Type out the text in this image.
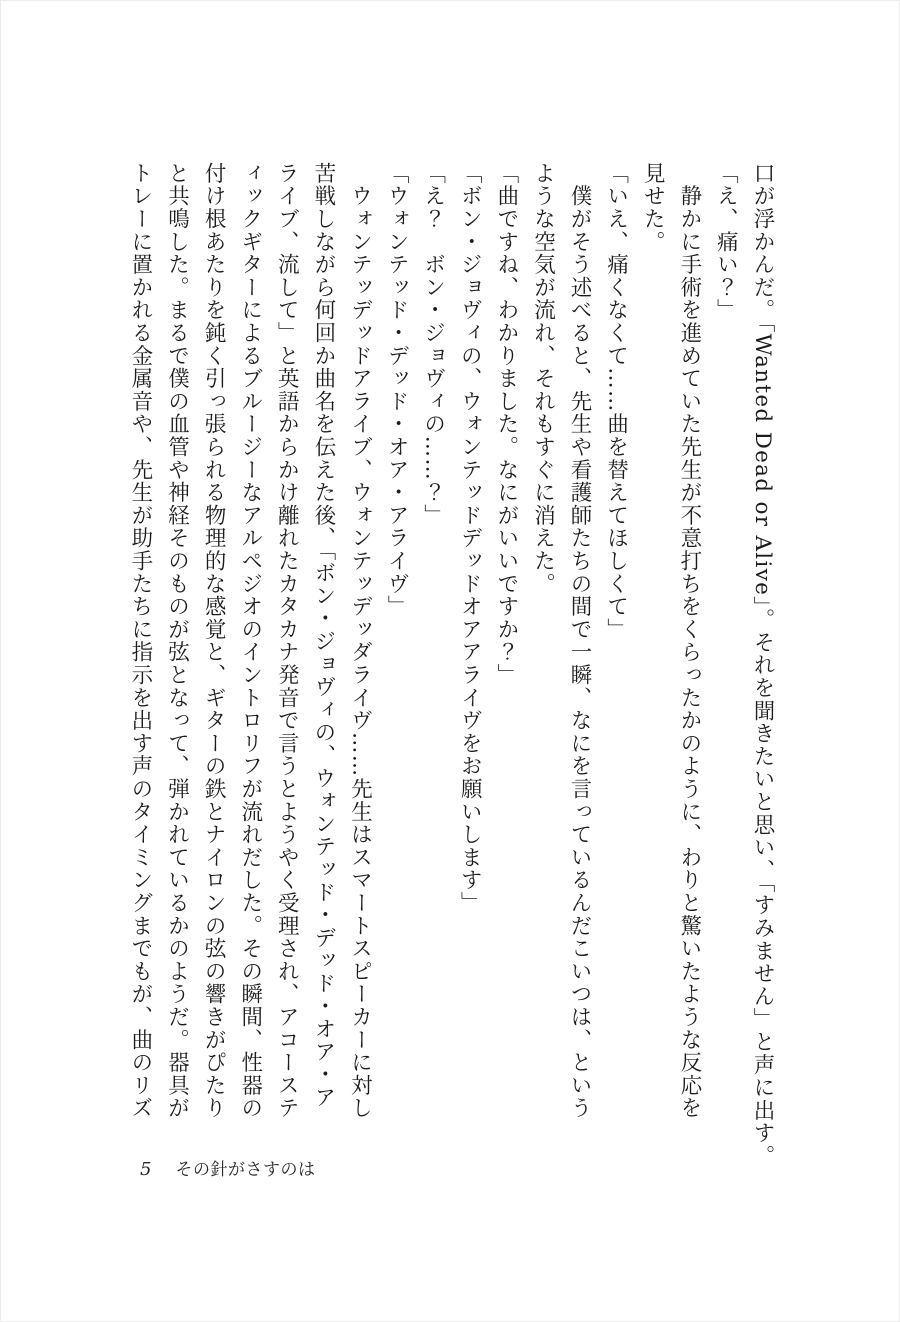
口が浮かんだ。「Wanted Dead or Alive」。それを聞きたいと思い、「すみません」と声に出す。

「え、痛い？」

　静かに手術を進めていた先生が不意打ちをくらったかのように、わりと驚いたような反応を

見せた。

「いえ、痛くなくて……曲を替えてほしくて」

　僕がそう述べると、先生や看護師たちの間で一瞬、なにを言っているんだこいつは、という

ような空気が流れ、それもすぐに消えた。

「曲ですね、わかりました。なにがいいですか？」

「ボン・ジョヴィの、ウォンテッドデッドオアアライヴをお願いします」

「え？　ボン・ジョヴィの……？」

「ウォンテッド・デッド・オア・アライヴ」

　ウォンテッデッドアライブ、ウォンテッデッダライヴ……先生はスマートスピーカーに対し

苦戦しながら何回か曲名を伝えた後、「ボン・ジョヴィの、ウォンテッド・デッド・オア・ア

ライブ、流して」と英語からかけ離れたカタカナ発音で言うとようやく受理され、アコーステ

ィックギターによるブルージーなアルペジオのイントロリフが流れだした。その瞬間、性器の

付け根あたりを鈍く引っ張られる物理的な感覚と、ギターの鉄とナイロンの弦の響きがぴたり

と共鳴した。まるで僕の血管や神経そのものが弦となって、弾かれているかのようだ。器具が

トレーに置かれる金属音や、先生が助手たちに指示を出す声のタイミングまでもが、曲のリズ

5 その針がさすのは
